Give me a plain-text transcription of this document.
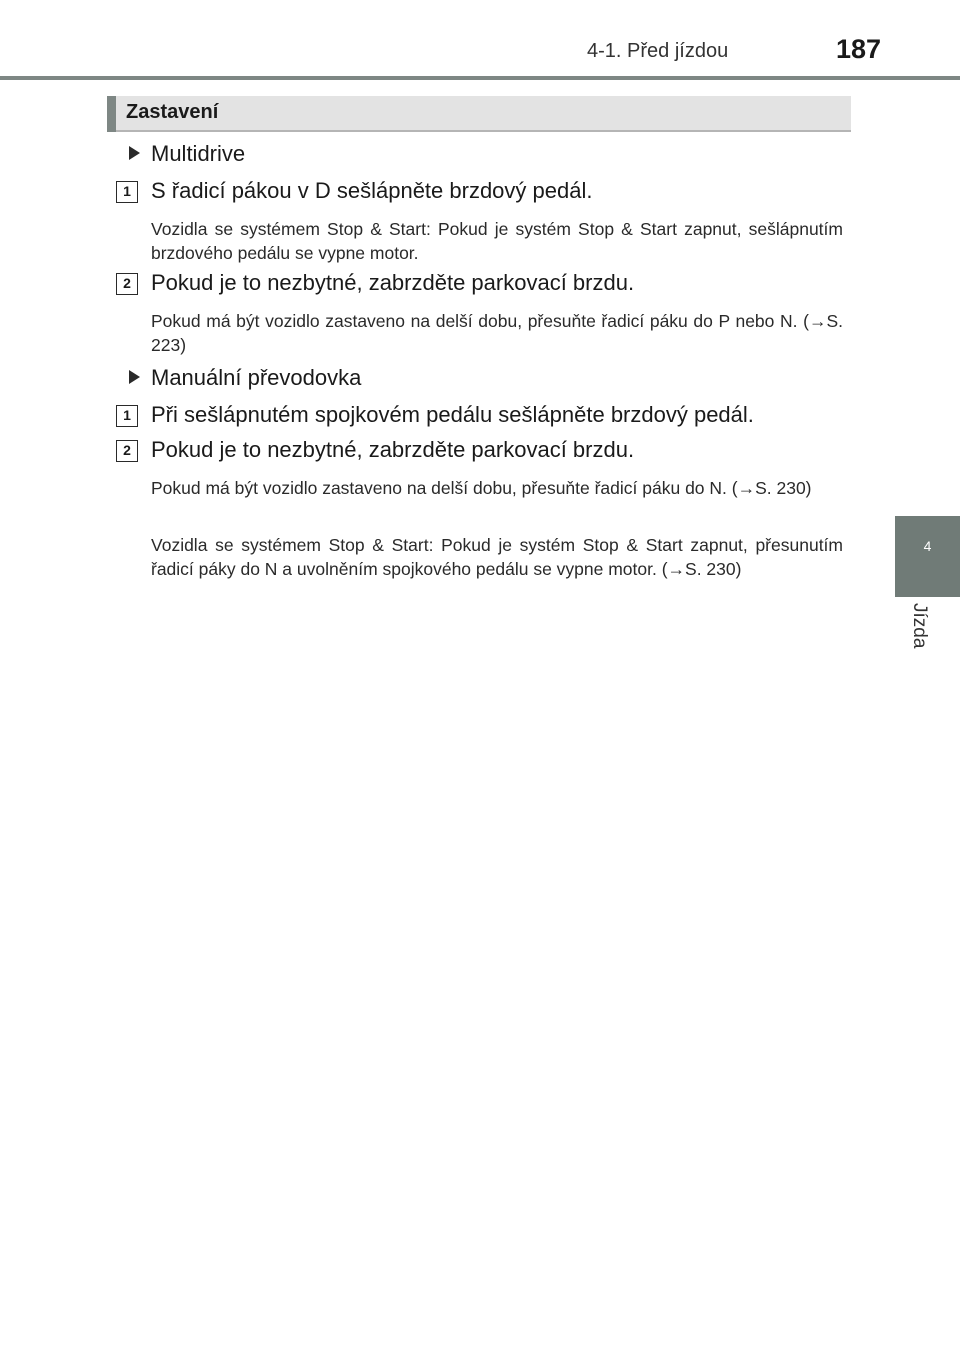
4-1. Před jízdou	187
4
Jízda
Zastavení
Multidrive
1 S řadicí pákou v D sešlápněte brzdový pedál.
Vozidla se systémem Stop & Start: Pokud je systém Stop & Start zapnut, sešlápnutím brzdového pedálu se vypne motor.
2 Pokud je to nezbytné, zabrzděte parkovací brzdu.
Pokud má být vozidlo zastaveno na delší dobu, přesuňte řadicí páku do P nebo N. (→S. 223)
Manuální převodovka
1 Při sešlápnutém spojkovém pedálu sešlápněte brzdový pedál.
2 Pokud je to nezbytné, zabrzděte parkovací brzdu.
Pokud má být vozidlo zastaveno na delší dobu, přesuňte řadicí páku do N. (→S. 230)
Vozidla se systémem Stop & Start: Pokud je systém Stop & Start zapnut, přesunutím řadicí páky do N a uvolněním spojkového pedálu se vypne motor. (→S. 230)
